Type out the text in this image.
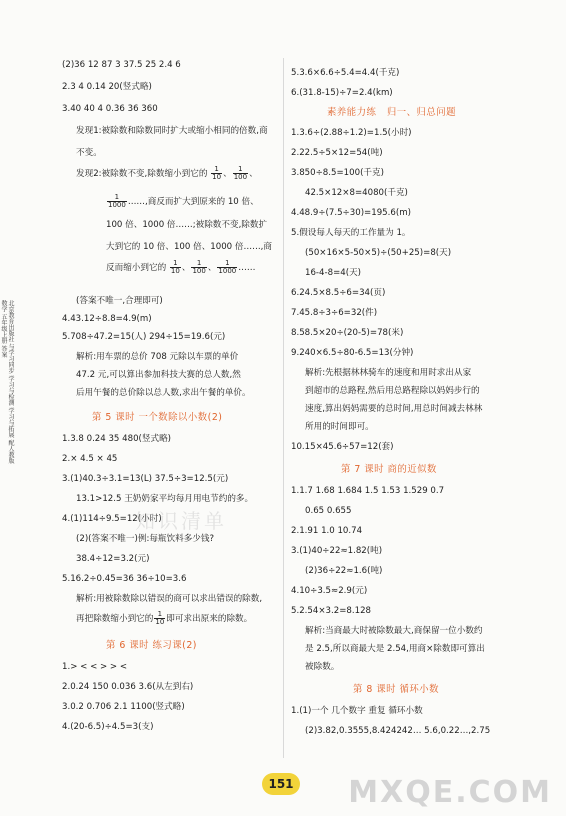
北京教育出版社 与学习同步 学习与检测 学习与拓展 配人教版 数学 五年级上册 答案
(2)36 12 87 3 37.5 25 2.4 6
2.3 4 0.14 20(竖式略)
3.40 40 4 0.36 36 360
发现1:被除数和除数同时扩大或缩小相同的倍数,商
不变。
发现2:被除数不变,除数缩小到它的 $\frac{1}{10}$ 、 $\frac{1}{100}$ 、
$\frac{1}{1000}$ ……,商反而扩大到原来的 10 倍、
100 倍、1000 倍……;被除数不变,除数扩
大到它的 10 倍、100 倍、1000 倍……,商
反而缩小到它的 $\frac{1}{10}$ 、 $\frac{1}{100}$ 、 $\frac{1}{1000}$ ……
(答案不唯一,合理即可)
4.43.12÷8.8=4.9(m)
5.708÷47.2=15(人) 294÷15=19.6(元)
解析:用车票的总价 708 元除以车票的单价
47.2 元,可以算出参加科技大赛的总人数,然
后用午餐的总价除以总人数,求出午餐的单价。
第 5 课时 一个数除以小数(2)
1.3.8 0.24 35 480(竖式略)
2.× 4.5 × 45
3.(1)40.3÷3.1=13(L) 37.5÷3=12.5(元)
13.1>12.5 王奶奶家平均每月用电节约的多。
4.(1)114÷9.5=12(小时)
(2)(答案不唯一)例:每瓶饮料多少钱?
38.4÷12=3.2(元)
5.16.2÷0.45=36 36÷10=3.6
解析:用被除数除以错误的商可以求出错误的除数,
再把除数缩小到它的 $\frac{1}{10}$ 即可求出原来的除数。
第 6 课时 练习课(2)
1.> < < > > <
2.0.24 150 0.036 3.6(从左到右)
3.0.2 0.706 2.1 1100(竖式略)
4.(20-6.5)÷4.5=3(支)
5.3.6×6.6÷5.4=4.4(千克)
6.(31.8-15)÷7=2.4(km)
素养能力练 归一、归总问题
1.3.6÷(2.88÷1.2)=1.5(小时)
2.22.5÷5×12=54(吨)
3.850÷8.5=100(千克)
42.5×12×8=4080(千克)
4.48.9÷(7.5÷30)=195.6(m)
5.假设每人每天的工作量为 1。
(50×16×5-50×5)÷(50+25)=8(天)
16-4-8=4(天)
6.24.5×8.5÷6=34(页)
7.45.8÷3÷6=32(件)
8.58.5×20÷(20-5)=78(米)
9.240×6.5÷80-6.5=13(分钟)
解析:先根据林林骑车的速度和用时求出从家
到超市的总路程,然后用总路程除以妈妈步行的
速度,算出妈妈需要的总时间,用总时间减去林林
所用的时间即可。
10.15×45.6÷57=12(套)
第 7 课时 商的近似数
1.1.7 1.68 1.684 1.5 1.53 1.529 0.7
0.65 0.655
2.1.91 1.0 10.74
3.(1)40÷22≈1.82(吨)
(2)36÷22≈1.6(吨)
4.10÷3.5≈2.9(元)
5.2.54×3.2=8.128
解析:当商最大时被除数最大,商保留一位小数约
是 2.5,所以商最大是 2.54,用商×除数即可算出
被除数。
第 8 课时 循环小数
1.(1)一个 几个数字 重复 循环小数
(2)3.82,0.3555,8.424242… 5.6,0.22…,2.75
151
知识清单
MXQE.COM
